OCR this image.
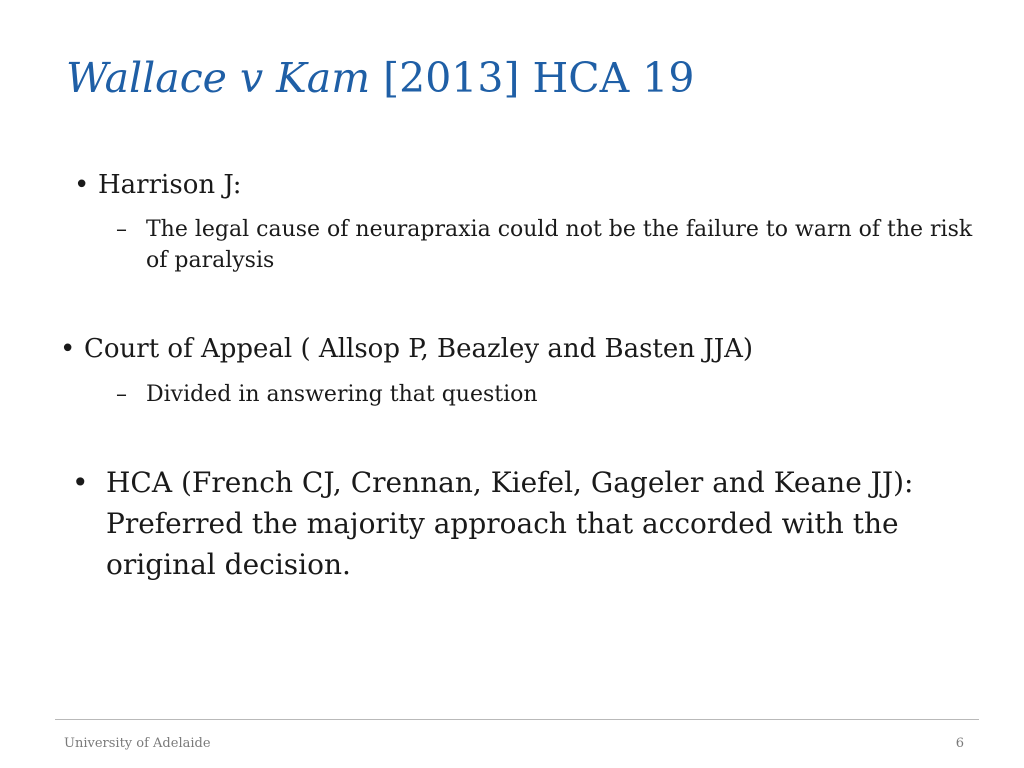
Wallace v Kam [2013] HCA 19
• Harrison J:
– The legal cause of neurapraxia could not be the failure to warn of the risk of paralysis
• Court of Appeal ( Allsop P, Beazley and Basten JJA)
– Divided in answering that question
• HCA (French CJ, Crennan, Kiefel, Gageler and Keane JJ): Preferred the majority approach that accorded with the original decision.
University of Adelaide	6
